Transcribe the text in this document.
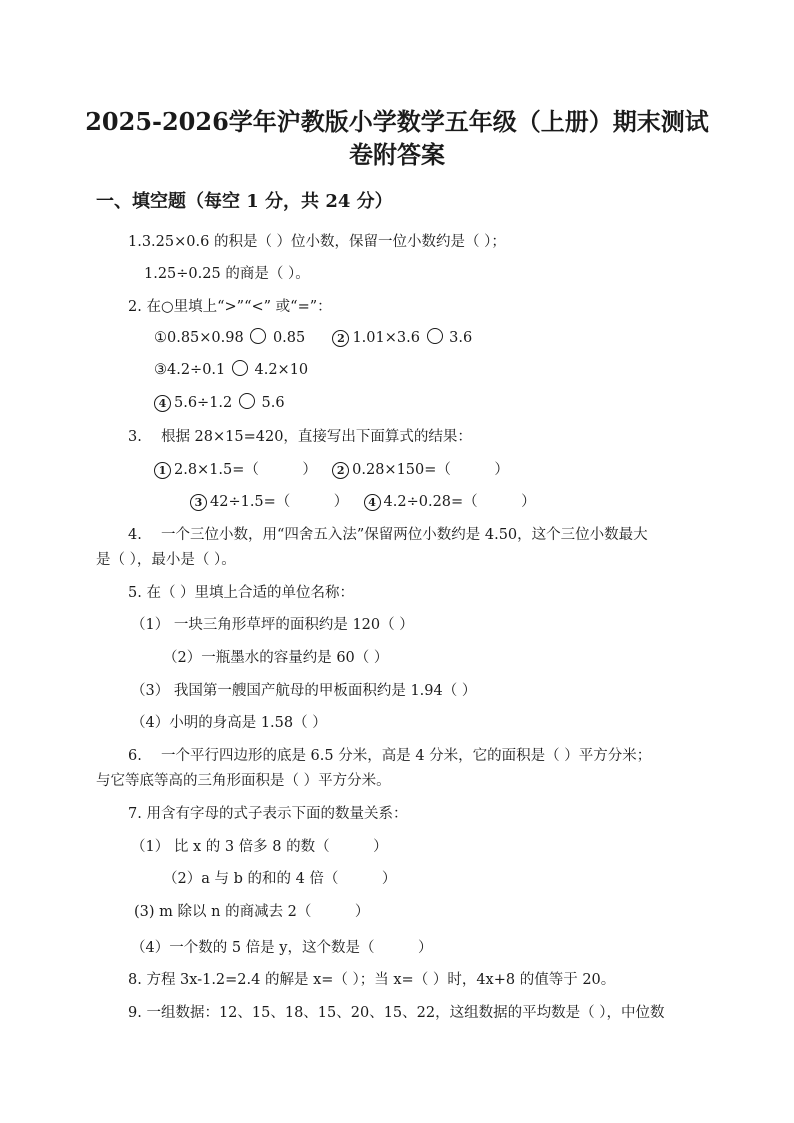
2025-2026学年沪教版小学数学五年级（上册）期末测试
卷附答案
一、填空题（每空 1 分，共 24 分）
1.3.25×0.6 的积是（ ）位小数，保留一位小数约是（ ）；
1.25÷0.25 的商是（ ）。
2. 在○里填上“>”“<” 或“=”：
①0.85×0.98 0.85	2 1.01×3.6 3.6
③4.2÷0.1 4.2×10
4 5.6÷1.2 5.6
3.　 根据 28×15=420，直接写出下面算式的结果：
1 2.8×1.5=（　　　） 2 0.28×150=（　　　）
3 42÷1.5=（　　　） 4 4.2÷0.28=（　　　）
4.　 一个三位小数，用“四舍五入法”保留两位小数约是 4.50，这个三位小数最大
是（ ），最小是（ ）。
5. 在（ ）里填上合适的单位名称：
（1） 一块三角形草坪的面积约是 120（ ）
（2）一瓶墨水的容量约是 60（ ）
（3） 我国第一艘国产航母的甲板面积约是 1.94（ ）
（4）小明的身高是 1.58（ ）
6.　 一个平行四边形的底是 6.5 分米，高是 4 分米，它的面积是（ ）平方分米；
与它等底等高的三角形面积是（ ）平方分米。
7. 用含有字母的式子表示下面的数量关系：
（1） 比 x 的 3 倍多 8 的数（　　　）
（2）a 与 b 的和的 4 倍（　　　）
(3) m 除以 n 的商减去 2（　　　）
（4）一个数的 5 倍是 y，这个数是（　　　）
8. 方程 3x-1.2=2.4 的解是 x=（ ）；当 x=（ ）时，4x+8 的值等于 20。
9. 一组数据：12、15、18、15、20、15、22，这组数据的平均数是（ ），中位数
